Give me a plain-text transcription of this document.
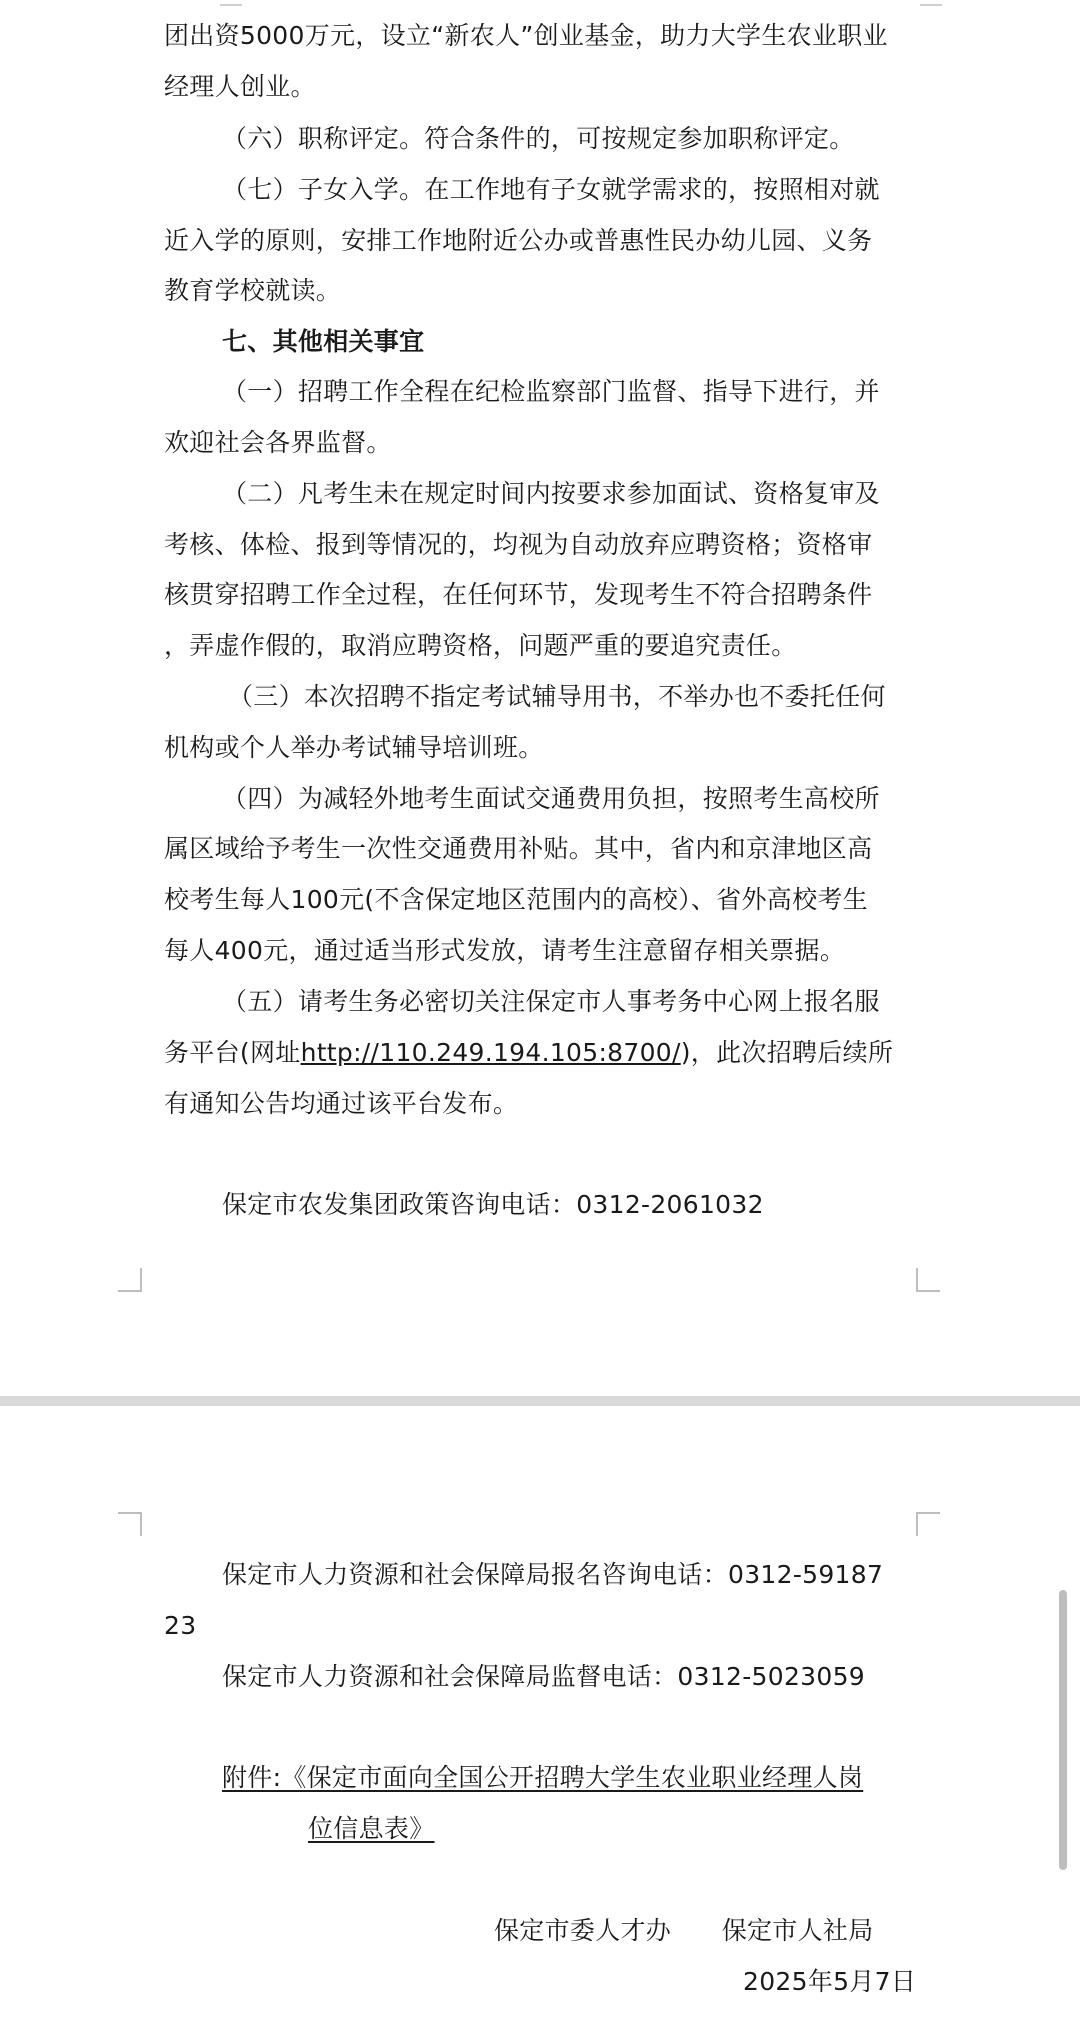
团出资5000万元，设立“新农人”创业基金，助力大学生农业职业

经理人创业。

（六）职称评定。符合条件的，可按规定参加职称评定。

（七）子女入学。在工作地有子女就学需求的，按照相对就

近入学的原则，安排工作地附近公办或普惠性民办幼儿园、义务

教育学校就读。

七、其他相关事宜

（一）招聘工作全程在纪检监察部门监督、指导下进行，并

欢迎社会各界监督。

（二）凡考生未在规定时间内按要求参加面试、资格复审及

考核、体检、报到等情况的，均视为自动放弃应聘资格；资格审

核贯穿招聘工作全过程，在任何环节，发现考生不符合招聘条件

，弄虚作假的，取消应聘资格，问题严重的要追究责任。

（三）本次招聘不指定考试辅导用书，不举办也不委托任何

机构或个人举办考试辅导培训班。

（四）为减轻外地考生面试交通费用负担，按照考生高校所

属区域给予考生一次性交通费用补贴。其中，省内和京津地区高

校考生每人100元(不含保定地区范围内的高校）、省外高校考生

每人400元，通过适当形式发放，请考生注意留存相关票据。

（五）请考生务必密切关注保定市人事考务中心网上报名服

务平台(网址http://110.249.194.105:8700/)，此次招聘后续所

有通知公告均通过该平台发布。

保定市农发集团政策咨询电话：0312-2061032

保定市人力资源和社会保障局报名咨询电话：0312-59187

23

保定市人力资源和社会保障局监督电话：0312-5023059

附件:《保定市面向全国公开招聘大学生农业职业经理人岗

位信息表》

保定市委人才办　　保定市人社局

2025年5月7日
